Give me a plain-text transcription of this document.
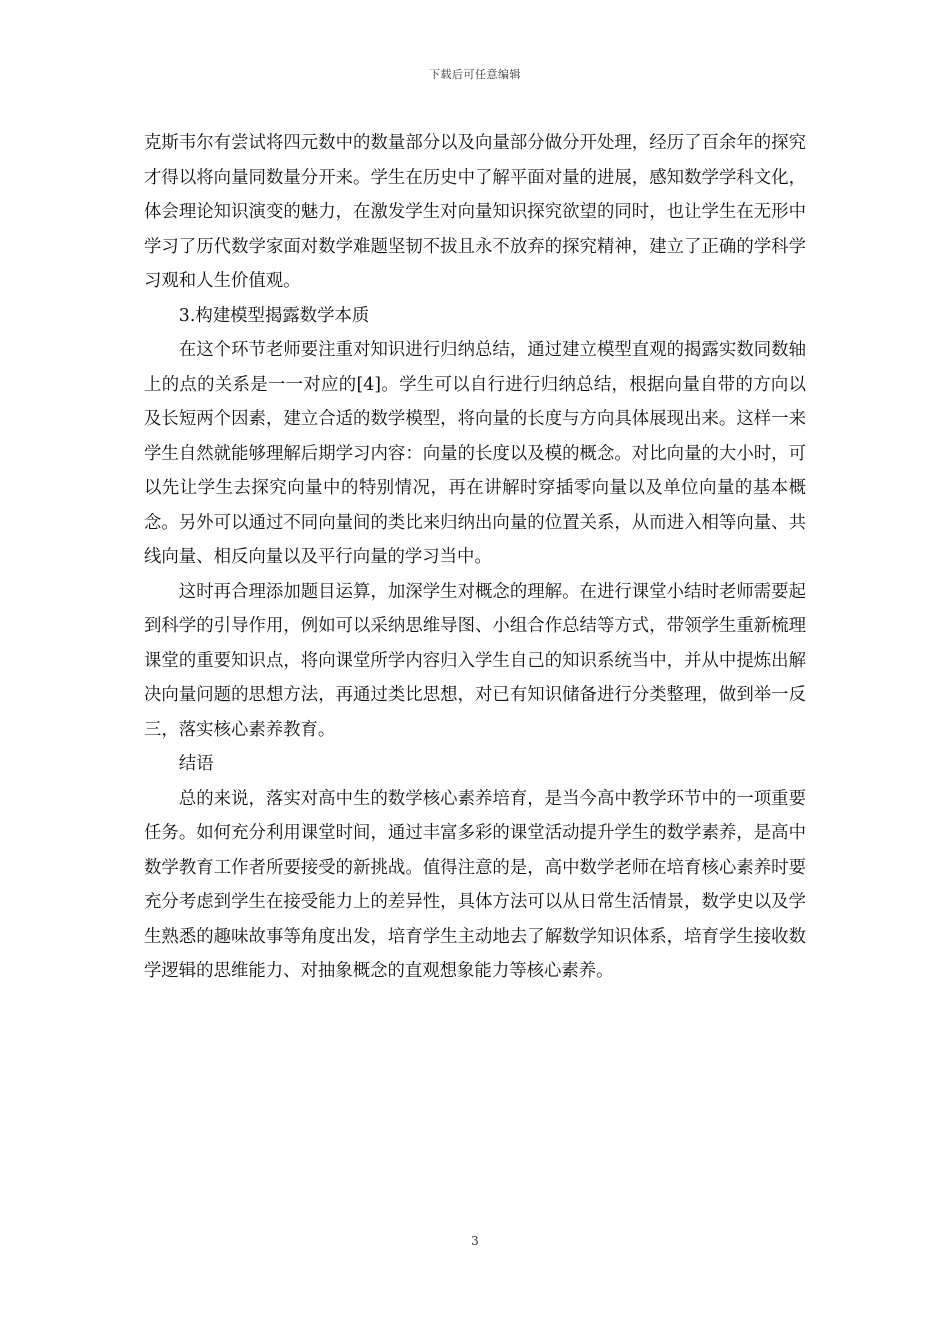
下载后可任意编辑

克斯韦尔有尝试将四元数中的数量部分以及向量部分做分开处理，经历了百余年的探究才得以将向量同数量分开来。学生在历史中了解平面对量的进展，感知数学学科文化，体会理论知识演变的魅力，在激发学生对向量知识探究欲望的同时，也让学生在无形中学习了历代数学家面对数学难题坚韧不拔且永不放弃的探究精神，建立了正确的学科学习观和人生价值观。

3.构建模型揭露数学本质

在这个环节老师要注重对知识进行归纳总结，通过建立模型直观的揭露实数同数轴上的点的关系是一一对应的[4]。学生可以自行进行归纳总结，根据向量自带的方向以及长短两个因素，建立合适的数学模型，将向量的长度与方向具体展现出来。这样一来学生自然就能够理解后期学习内容：向量的长度以及模的概念。对比向量的大小时，可以先让学生去探究向量中的特别情况，再在讲解时穿插零向量以及单位向量的基本概念。另外可以通过不同向量间的类比来归纳出向量的位置关系，从而进入相等向量、共线向量、相反向量以及平行向量的学习当中。

这时再合理添加题目运算，加深学生对概念的理解。在进行课堂小结时老师需要起到科学的引导作用，例如可以采纳思维导图、小组合作总结等方式，带领学生重新梳理课堂的重要知识点，将向课堂所学内容归入学生自己的知识系统当中，并从中提炼出解决向量问题的思想方法，再通过类比思想，对已有知识储备进行分类整理，做到举一反三，落实核心素养教育。

结语

总的来说，落实对高中生的数学核心素养培育，是当今高中教学环节中的一项重要任务。如何充分利用课堂时间，通过丰富多彩的课堂活动提升学生的数学素养，是高中数学教育工作者所要接受的新挑战。值得注意的是，高中数学老师在培育核心素养时要充分考虑到学生在接受能力上的差异性，具体方法可以从日常生活情景，数学史以及学生熟悉的趣味故事等角度出发，培育学生主动地去了解数学知识体系，培育学生接收数学逻辑的思维能力、对抽象概念的直观想象能力等核心素养。

3
